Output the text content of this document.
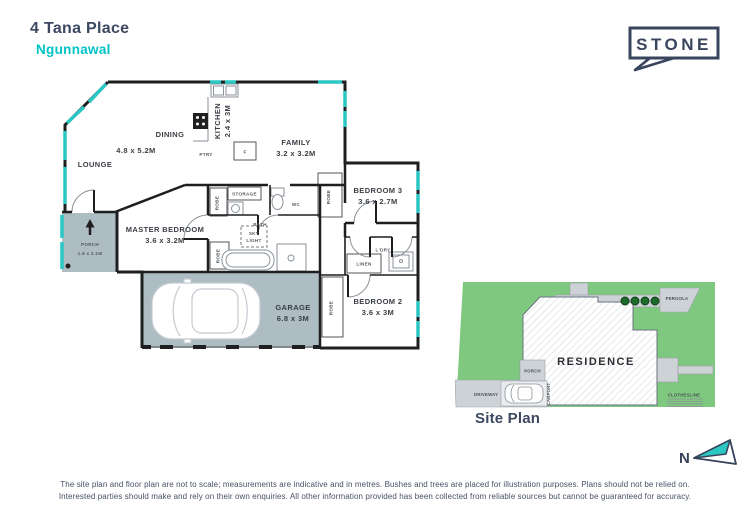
4 Tana Place
Ngunnawal	STONE
LOUNGE
4.8 x 5.2M
DINING	KITCHEN 2.4 x 3M
PTRY	F
FAMILY
3.2 x 3.2M
BEDROOM 3
3.6 x 2.7M
ROBE
MASTER BEDROOM
3.6 x 3.2M
STORAGE
WC
BATH
SKY
LIGHT
ROBE
ROBE
PORCH
1.9 x 2.1M
GARAGE
6.8 x 3M
L'DRY
LINEN
BEDROOM 2
3.6 x 3M
ROBE
PERGOLA
DRIVEWAY	CARPORT
PORCH
CLOTHESLINE
RESIDENCE
Site Plan
N
The site plan and floor plan are not to scale; measurements are indicative and in metres. Bushes and trees are placed for illustration purposes. Plans should not be relied on.
Interested parties should make and rely on their own enquiries. All other information provided has been collected from reliable sources but cannot be guaranteed for accuracy.
